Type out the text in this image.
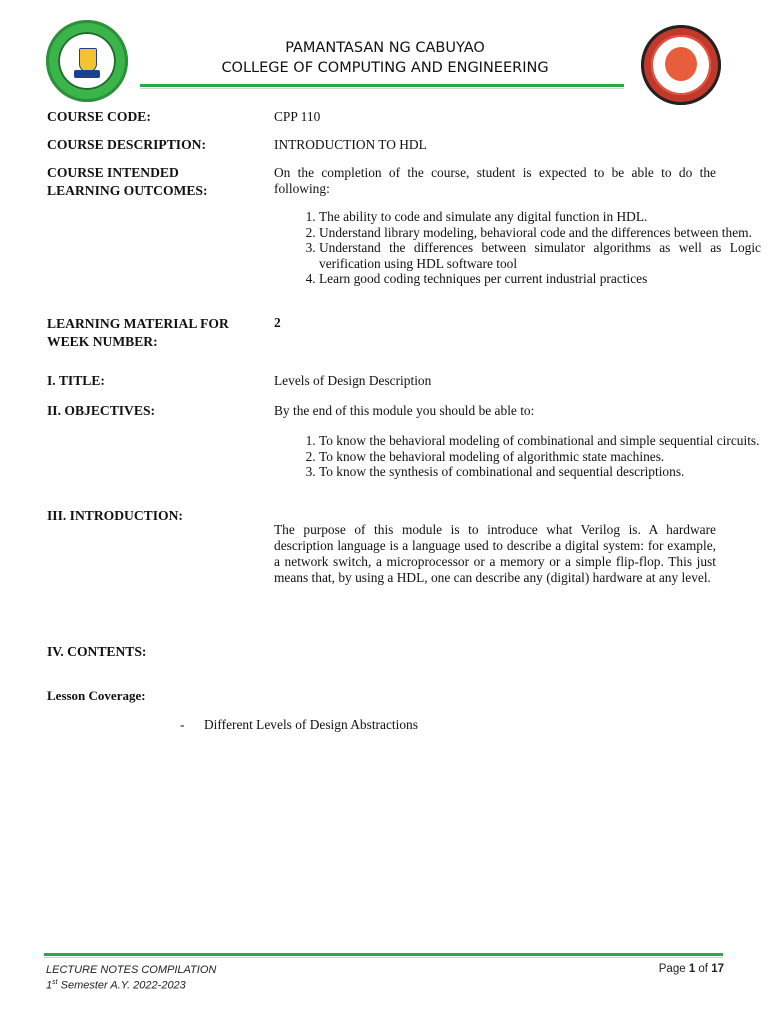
PAMANTASAN NG CABUYAO
COLLEGE OF COMPUTING AND ENGINEERING
COURSE CODE:	CPP 110
COURSE DESCRIPTION:	INTRODUCTION TO HDL
COURSE INTENDED
LEARNING OUTCOMES:
On the completion of the course, student is expected to be able to do the following:
1. The ability to code and simulate any digital function in HDL.
2. Understand library modeling, behavioral code and the differences between them.
3. Understand the differences between simulator algorithms as well as Logic verification using HDL software tool
4. Learn good coding techniques per current industrial practices
LEARNING MATERIAL FOR
WEEK NUMBER:
2
I. TITLE:	Levels of Design Description
II. OBJECTIVES:	By the end of this module you should be able to:
1. To know the behavioral modeling of combinational and simple sequential circuits.
2. To know the behavioral modeling of algorithmic state machines.
3. To know the synthesis of combinational and sequential descriptions.
III. INTRODUCTION:
The purpose of this module is to introduce what Verilog is. A hardware description language is a language used to describe a digital system: for example, a network switch, a microprocessor or a memory or a simple flip-flop. This just means that, by using a HDL, one can describe any (digital) hardware at any level.
IV. CONTENTS:
Lesson Coverage:
- Different Levels of Design Abstractions
LECTURE NOTES COMPILATION
1st Semester A.Y. 2022-2023
Page 1 of 17
